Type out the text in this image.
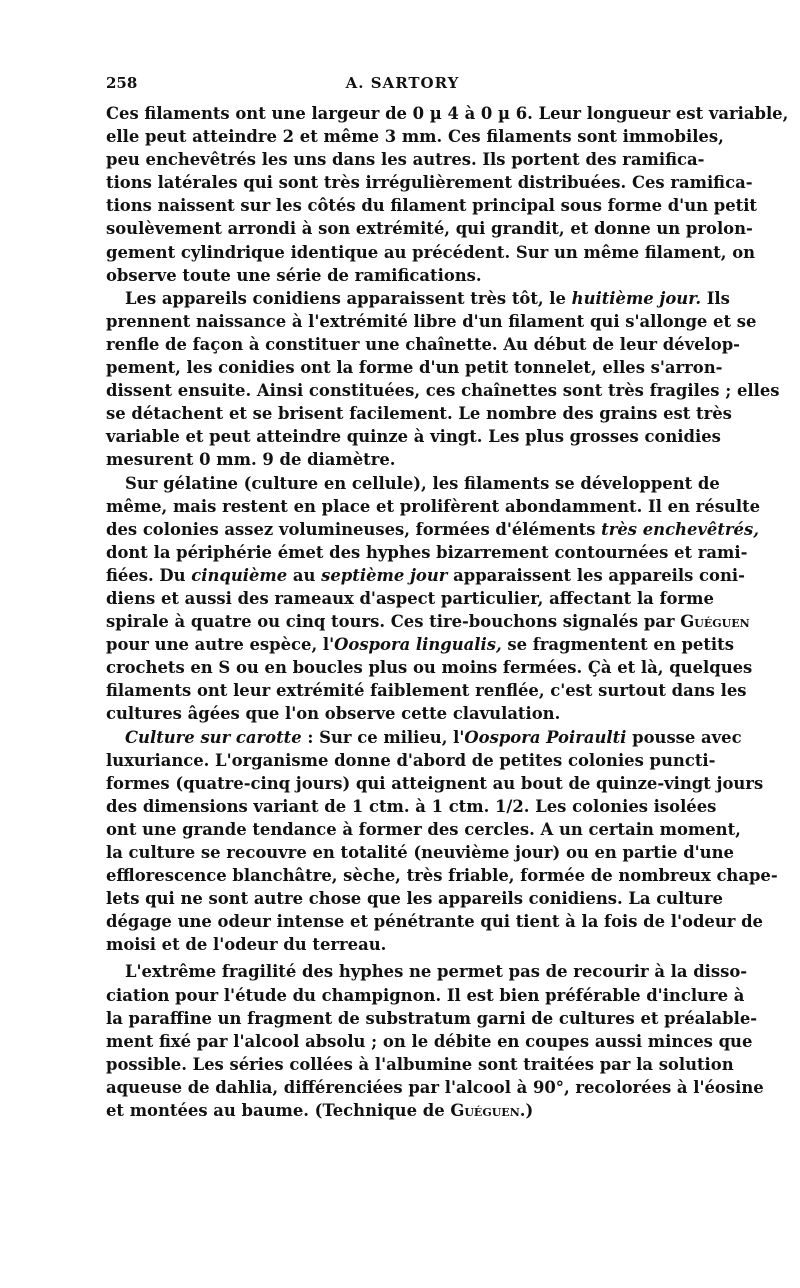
258	A. SARTORY
Ces filaments ont une largeur de 0 µ 4 à 0 µ 6. Leur longueur est variable,
elle peut atteindre 2 et même 3 mm. Ces filaments sont immobiles,
peu enchevêtrés les uns dans les autres. Ils portent des ramifica-
tions latérales qui sont très irrégulièrement distribuées. Ces ramifica-
tions naissent sur les côtés du filament principal sous forme d'un petit
soulèvement arrondi à son extrémité, qui grandit, et donne un prolon-
gement cylindrique identique au précédent. Sur un même filament, on
observe toute une série de ramifications.
Les appareils conidiens apparaissent très tôt, le huitième jour. Ils
prennent naissance à l'extrémité libre d'un filament qui s'allonge et se
renfle de façon à constituer une chaînette. Au début de leur dévelop-
pement, les conidies ont la forme d'un petit tonnelet, elles s'arron-
dissent ensuite. Ainsi constituées, ces chaînettes sont très fragiles ; elles
se détachent et se brisent facilement. Le nombre des grains est très
variable et peut atteindre quinze à vingt. Les plus grosses conidies
mesurent 0 mm. 9 de diamètre.
Sur gélatine (culture en cellule), les filaments se développent de
même, mais restent en place et prolifèrent abondamment. Il en résulte
des colonies assez volumineuses, formées d'éléments très enchevêtrés,
dont la périphérie émet des hyphes bizarrement contournées et rami-
fiées. Du cinquième au septième jour apparaissent les appareils coni-
diens et aussi des rameaux d'aspect particulier, affectant la forme
spirale à quatre ou cinq tours. Ces tire-bouchons signalés par Guéguen
pour une autre espèce, l'Oospora lingualis, se fragmentent en petits
crochets en S ou en boucles plus ou moins fermées. Çà et là, quelques
filaments ont leur extrémité faiblement renflée, c'est surtout dans les
cultures âgées que l'on observe cette clavulation.
Culture sur carotte : Sur ce milieu, l'Oospora Poiraulti pousse avec
luxuriance. L'organisme donne d'abord de petites colonies puncti-
formes (quatre-cinq jours) qui atteignent au bout de quinze-vingt jours
des dimensions variant de 1 ctm. à 1 ctm. 1/2. Les colonies isolées
ont une grande tendance à former des cercles. A un certain moment,
la culture se recouvre en totalité (neuvième jour) ou en partie d'une
efflorescence blanchâtre, sèche, très friable, formée de nombreux chape-
lets qui ne sont autre chose que les appareils conidiens. La culture
dégage une odeur intense et pénétrante qui tient à la fois de l'odeur de
moisi et de l'odeur du terreau.
L'extrême fragilité des hyphes ne permet pas de recourir à la disso-
ciation pour l'étude du champignon. Il est bien préférable d'inclure à
la paraffine un fragment de substratum garni de cultures et préalable-
ment fixé par l'alcool absolu ; on le débite en coupes aussi minces que
possible. Les séries collées à l'albumine sont traitées par la solution
aqueuse de dahlia, différenciées par l'alcool à 90°, recolorées à l'éosine
et montées au baume. (Technique de Guéguen.)
